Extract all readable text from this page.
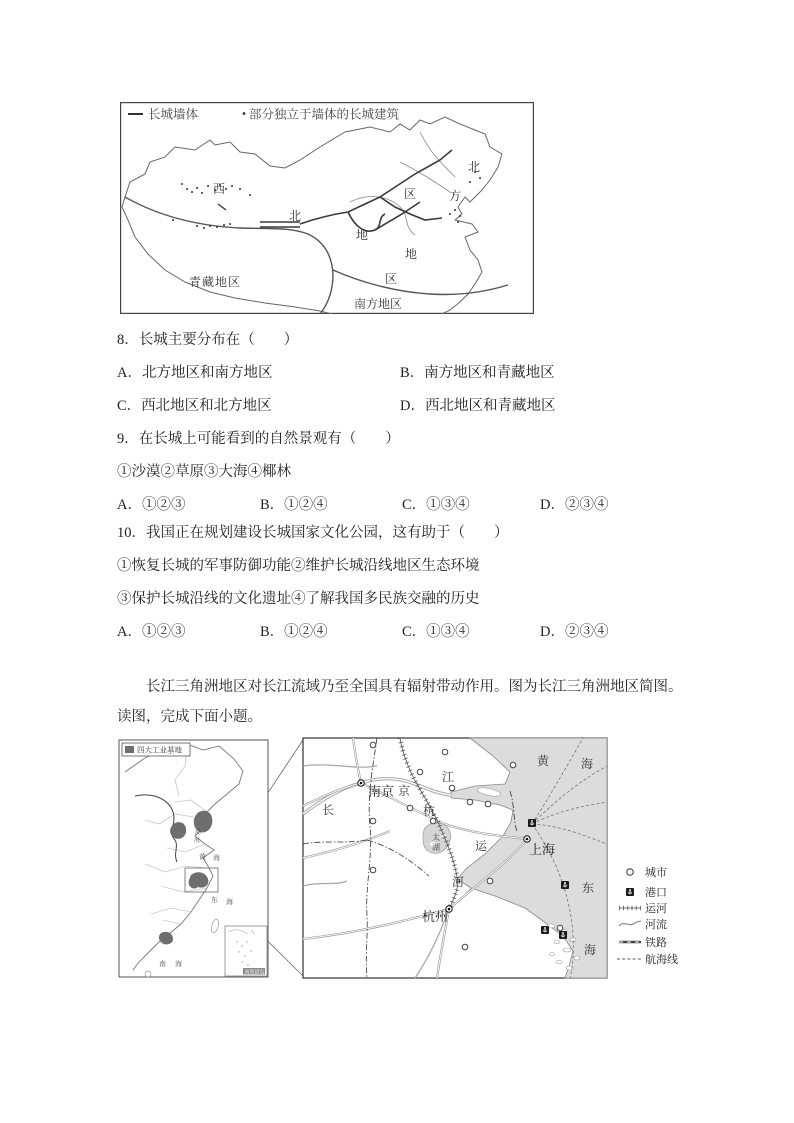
长城墙体	部分独立于墙体的长城建筑
西
北
区
北
方
地
地
区
青藏地区
南方地区
8．长城主要分布在（　　）
A．北方地区和南方地区	B．南方地区和青藏地区
C．西北地区和北方地区	D．西北地区和青藏地区
9．在长城上可能看到的自然景观有（　　）
①沙漠②草原③大海④椰林
A．①②③	B．①②④	C．①③④	D．②③④
10．我国正在规划建设长城国家文化公园，这有助于（　　）
①恢复长城的军事防御功能②维护长城沿线地区生态环境
③保护长城沿线的文化遗址④了解我国多民族交融的历史
A．①②③	B．①②④	C．①③④	D．②③④
长江三角洲地区对长江流域乃至全国具有辐射带动作用。图为长江三角洲地区简图。
读图，完成下面小题。
渤
海
黄 海
东 海
南 海
四大工业基地
南海诸岛
长
江
京
杭
运
河
太
湖
黄	海
东
海
南京
上海
杭州
城市
港口
运河
河流
铁路
航海线
